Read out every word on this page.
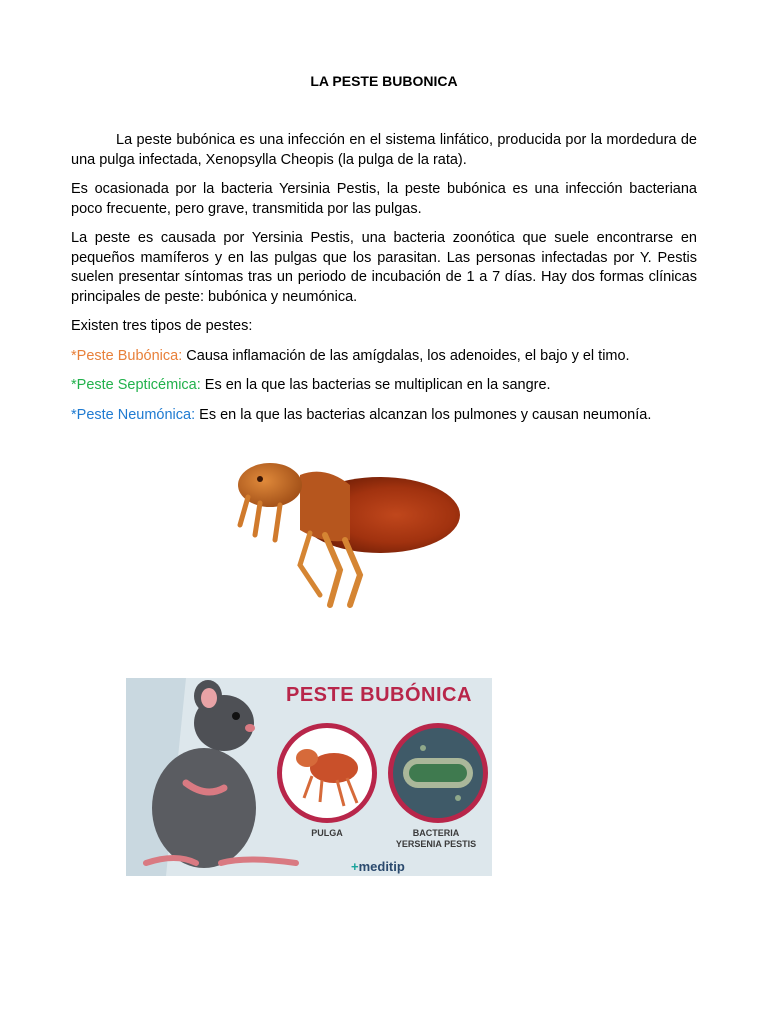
LA PESTE BUBONICA

La peste bubónica es una infección en el sistema linfático, producida por la mordedura de una pulga infectada, Xenopsylla Cheopis (la pulga de la rata).

Es ocasionada por la bacteria Yersinia Pestis, la peste bubónica es una infección bacteriana poco frecuente, pero grave, transmitida por las pulgas.

La peste es causada por Yersinia Pestis, una bacteria zoonótica que suele encontrarse en pequeños mamíferos y en las pulgas que los parasitan. Las personas infectadas por Y. Pestis suelen presentar síntomas tras un periodo de incubación de 1 a 7 días. Hay dos formas clínicas principales de peste: bubónica y neumónica.

Existen tres tipos de pestes:

*Peste Bubónica: Causa inflamación de las amígdalas, los adenoides, el bajo y el timo.

*Peste Septicémica: Es en la que las bacterias se multiplican en la sangre.

*Peste Neumónica: Es en la que las bacterias alcanzan los pulmones y causan neumonía.

PESTE BUBÓNICA
PULGA	BACTERIA
YERSENIA PESTIS
+meditip
